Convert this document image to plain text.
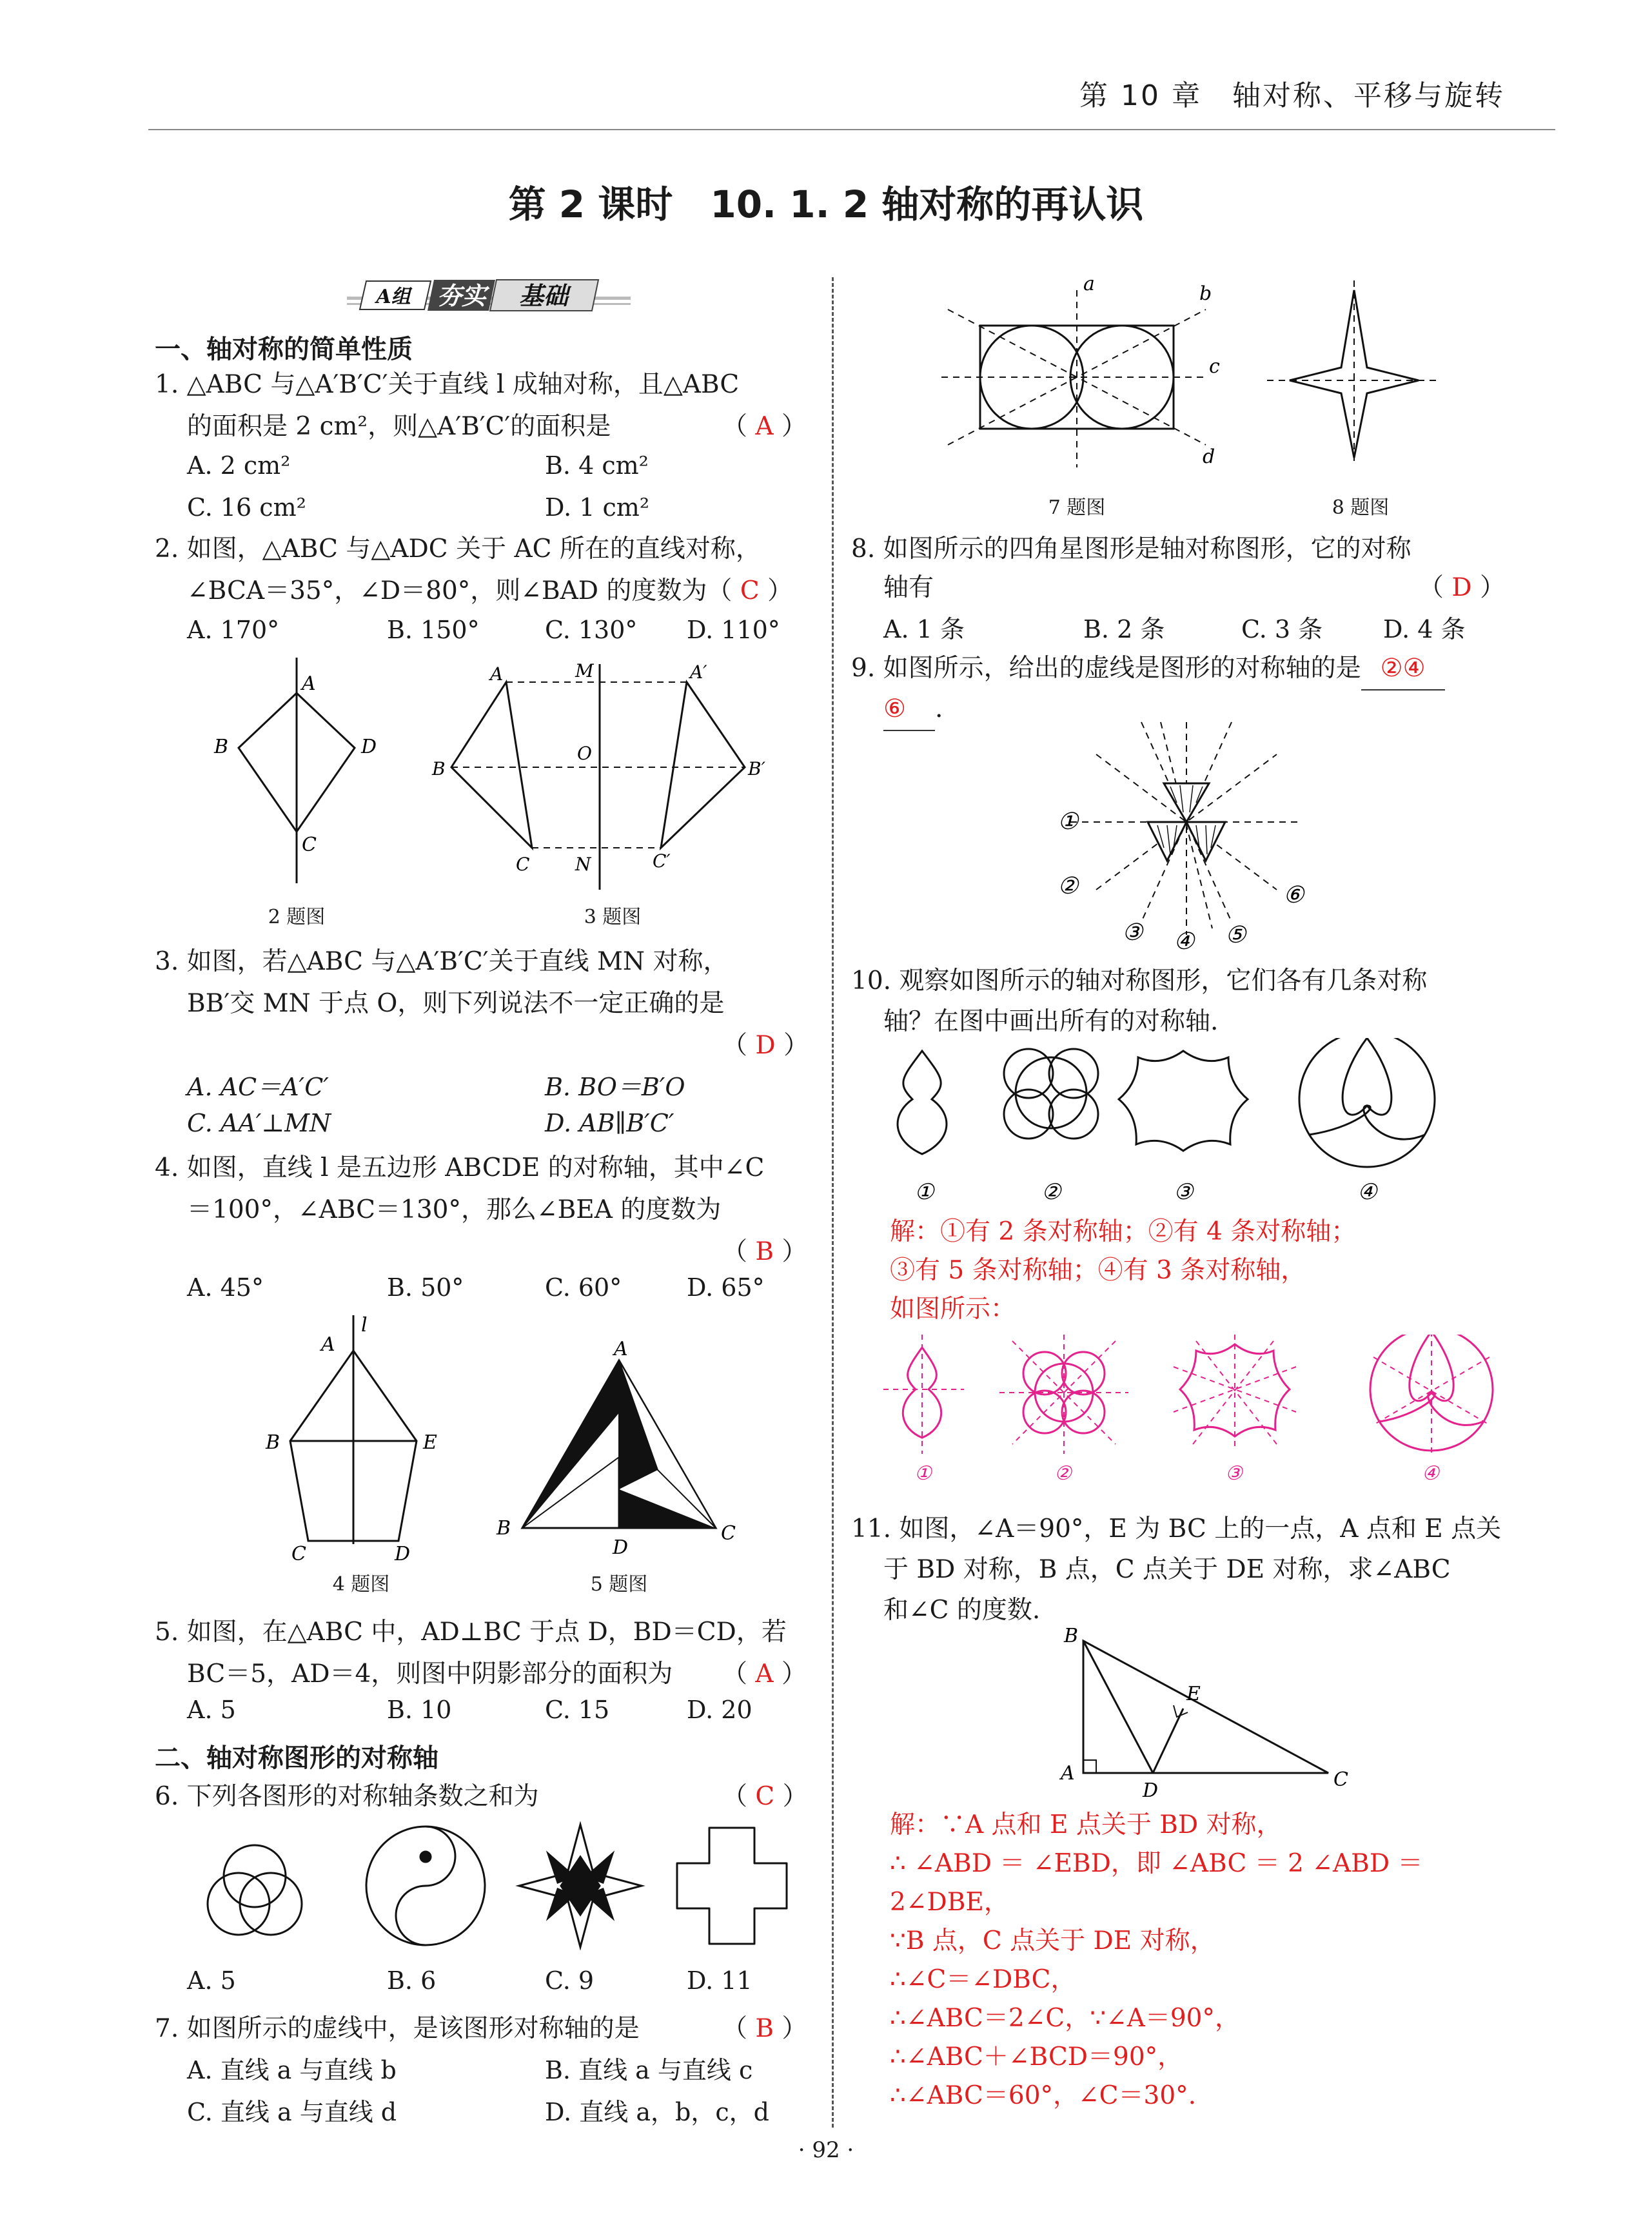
第 10 章　轴对称、平移与旋转
第 2 课时　10. 1. 2 轴对称的再认识
A组 夯实 基础
一、轴对称的简单性质
1. △ABC 与△A′B′C′关于直线 l 成轴对称，且△ABC
的面积是 2 cm²，则△A′B′C′的面积是	（ A ）
A. 2 cm²	B. 4 cm²
C. 16 cm²	D. 1 cm²
2. 如图，△ABC 与△ADC 关于 AC 所在的直线对称，
∠BCA＝35°，∠D＝80°，则∠BAD 的度数为（ C ）
A. 170°	B. 150°	C. 130° D. 110°
A
B	D
C
2 题图
A	M	A′
B
O
B′
C	N	C′
3 题图
3. 如图，若△ABC 与△A′B′C′关于直线 MN 对称，
BB′交 MN 于点 O，则下列说法不一定正确的是
（ D ）
A. AC＝A′C′	B. BO＝B′O
C. AA′⊥MN	D. AB∥B′C′
4. 如图，直线 l 是五边形 ABCDE 的对称轴，其中∠C
＝100°，∠ABC＝130°，那么∠BEA 的度数为
（ B ）
A. 45°	B. 50°	C. 60°	D. 65°
A
l
B	E
C	D
4 题图
A
B
D
C
5 题图
5. 如图，在△ABC 中，AD⊥BC 于点 D，BD＝CD，若
BC＝5，AD＝4，则图中阴影部分的面积为 （ A ）
A. 5	B. 10	C. 15	D. 20
二、轴对称图形的对称轴
6. 下列各图形的对称轴条数之和为	（ C ）
A. 5	B. 6	C. 9	D. 11
7. 如图所示的虚线中，是该图形对称轴的是	（ B ）
A. 直线 a 与直线 b	B. 直线 a 与直线 c
C. 直线 a 与直线 d	D. 直线 a，b，c，d
a	b
c
d
7 题图	8 题图
8. 如图所示的四角星图形是轴对称图形，它的对称
轴有	（ D ）
A. 1 条	B. 2 条	C. 3 条 D. 4 条
9. 如图所示，给出的虚线是图形的对称轴的是 ②④
⑥ .
①
②
③ ④ ⑤
⑥
10. 观察如图所示的轴对称图形，它们各有几条对称
轴？在图中画出所有的对称轴.
①	②	③	④
解：①有 2 条对称轴；②有 4 条对称轴；
③有 5 条对称轴；④有 3 条对称轴，
如图所示：
①	②	③	④
11. 如图，∠A＝90°，E 为 BC 上的一点，A 点和 E 点关
于 BD 对称，B 点，C 点关于 DE 对称，求∠ABC
和∠C 的度数.
B
E
A
D	C
解：∵A 点和 E 点关于 BD 对称，
∴ ∠ABD ＝ ∠EBD，即 ∠ABC ＝ 2 ∠ABD ＝
2∠DBE，
∵B 点，C 点关于 DE 对称，
∴∠C＝∠DBC，
∴∠ABC＝2∠C，∵∠A＝90°，
∴∠ABC＋∠BCD＝90°，
∴∠ABC＝60°，∠C＝30°.
· 92 ·
